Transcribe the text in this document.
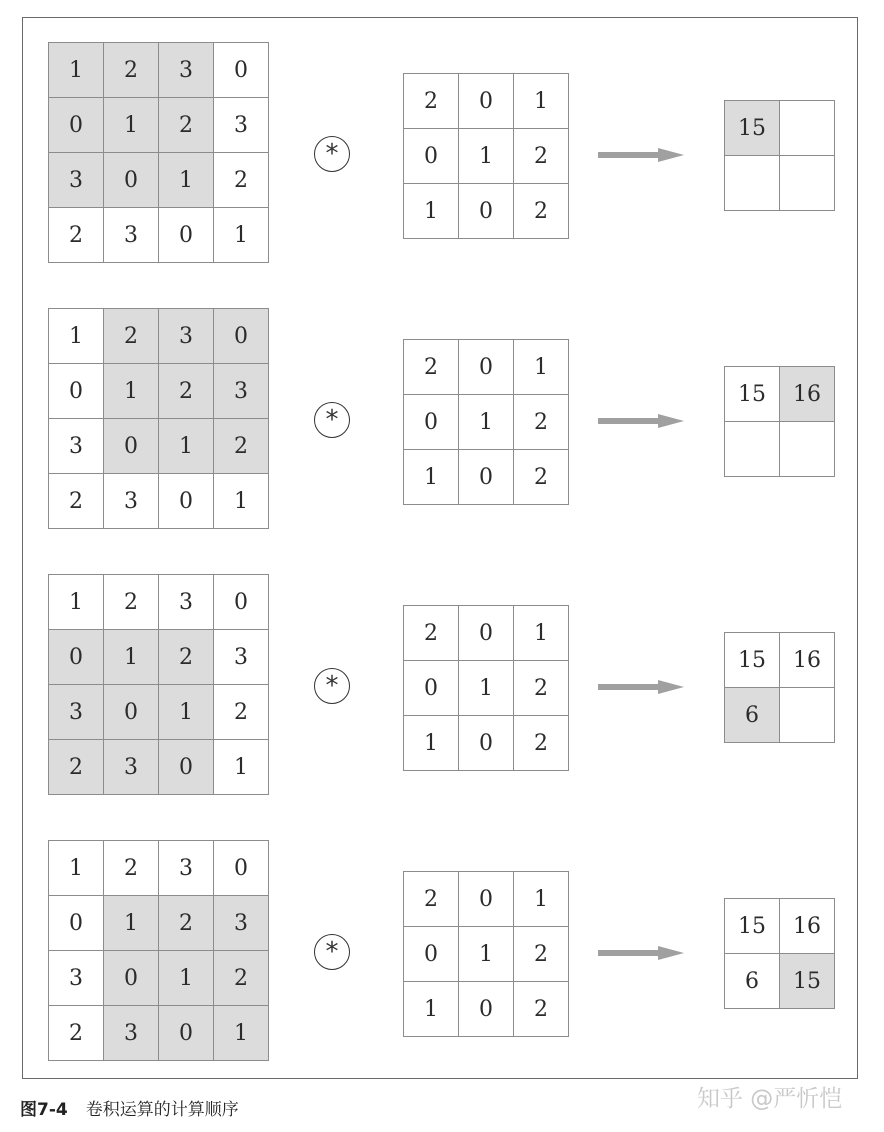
1	2	3	0
0	1	2	3
3	0	1	2
2	3	0	1
*
2	0	1
0	1	2
1	0	2
15	

1	2	3	0
0	1	2	3
3	0	1	2
2	3	0	1
*
2	0	1
0	1	2
1	0	2
15	16

1	2	3	0
0	1	2	3
3	0	1	2
2	3	0	1
*
2	0	1
0	1	2
1	0	2
15	16
6	
1	2	3	0
0	1	2	3
3	0	1	2
2	3	0	1
*
2	0	1
0	1	2
1	0	2
15	16
6	15
图7-4 卷积运算的计算顺序	知乎 @严忻恺
